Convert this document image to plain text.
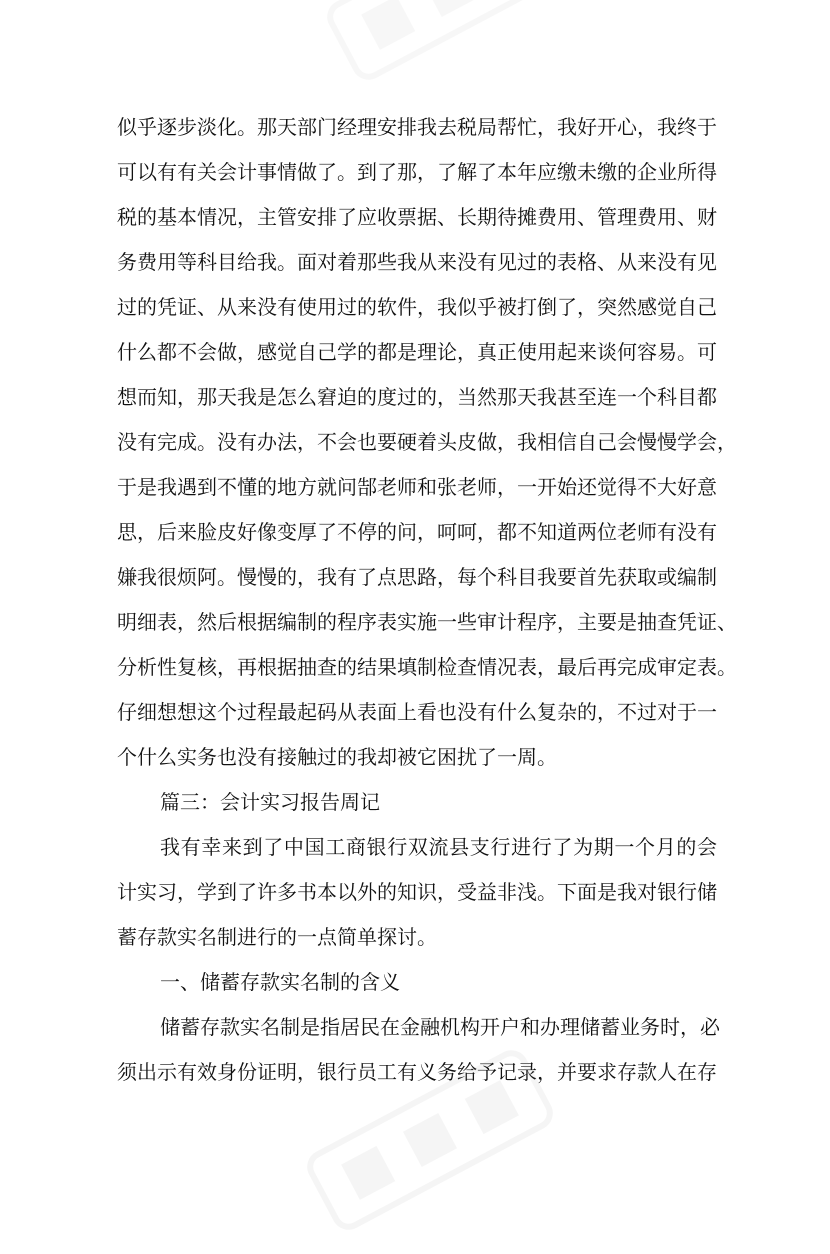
似乎逐步淡化。那天部门经理安排我去税局帮忙，我好开心，我终于
可以有有关会计事情做了。到了那，了解了本年应缴未缴的企业所得
税的基本情况，主管安排了应收票据、长期待摊费用、管理费用、财
务费用等科目给我。面对着那些我从来没有见过的表格、从来没有见
过的凭证、从来没有使用过的软件，我似乎被打倒了，突然感觉自己
什么都不会做，感觉自己学的都是理论，真正使用起来谈何容易。可
想而知，那天我是怎么窘迫的度过的，当然那天我甚至连一个科目都
没有完成。没有办法，不会也要硬着头皮做，我相信自己会慢慢学会，
于是我遇到不懂的地方就问郜老师和张老师，一开始还觉得不大好意
思，后来脸皮好像变厚了不停的问，呵呵，都不知道两位老师有没有
嫌我很烦阿。慢慢的，我有了点思路，每个科目我要首先获取或编制
明细表，然后根据编制的程序表实施一些审计程序，主要是抽查凭证、
分析性复核，再根据抽查的结果填制检查情况表，最后再完成审定表。
仔细想想这个过程最起码从表面上看也没有什么复杂的，不过对于一
个什么实务也没有接触过的我却被它困扰了一周。
篇三：会计实习报告周记
我有幸来到了中国工商银行双流县支行进行了为期一个月的会
计实习，学到了许多书本以外的知识，受益非浅。下面是我对银行储
蓄存款实名制进行的一点简单探讨。
一、储蓄存款实名制的含义
储蓄存款实名制是指居民在金融机构开户和办理储蓄业务时，必
须出示有效身份证明，银行员工有义务给予记录，并要求存款人在存
